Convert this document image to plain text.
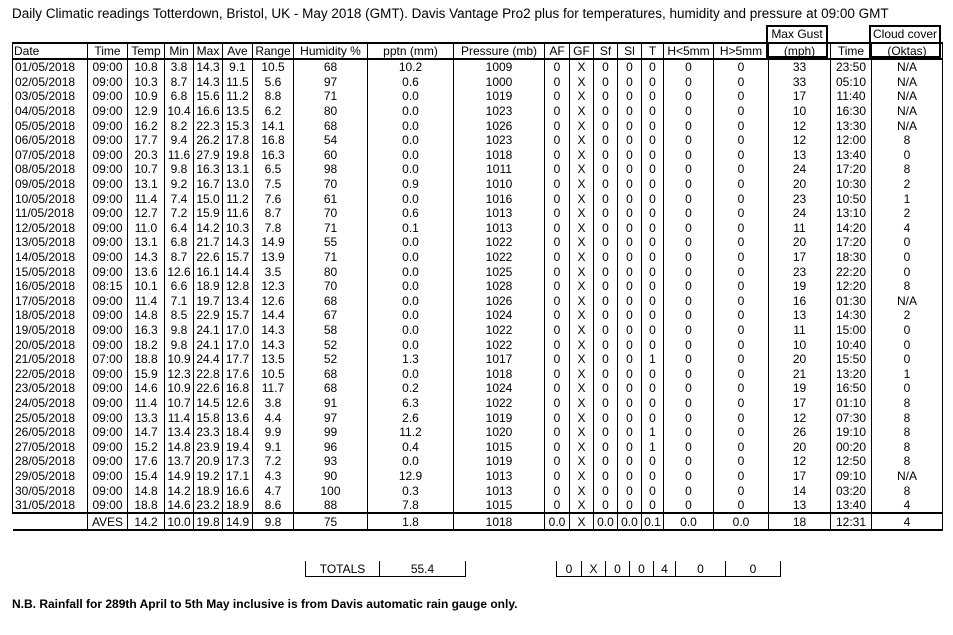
Daily Climatic readings Totterdown, Bristol, UK - May 2018 (GMT). Davis Vantage Pro2 plus for temperatures, humidity and pressure at 09:00 GMT
Max Gust	Cloud cover
Date	Time	Temp	Min	Max	Ave	Range	Humidity %	pptn (mm)	Pressure (mb)	AF	GF	Sf	Sl	T	H<5mm	H>5mm	(mph)	Time	(Oktas)
01/05/2018	09:00	10.8	3.8	14.3	9.1	10.5	68	10.2	1009	0	X	0	0	0	0	0	33	23:50	N/A
02/05/2018	09:00	10.3	8.7	14.3	11.5	5.6	97	0.6	1000	0	X	0	0	0	0	0	33	05:10	N/A
03/05/2018	09:00	10.9	6.8	15.6	11.2	8.8	71	0.0	1019	0	X	0	0	0	0	0	17	11:40	N/A
04/05/2018	09:00	12.9	10.4	16.6	13.5	6.2	80	0.0	1023	0	X	0	0	0	0	0	10	16:30	N/A
05/05/2018	09:00	16.2	8.2	22.3	15.3	14.1	68	0.0	1026	0	X	0	0	0	0	0	12	13:30	N/A
06/05/2018	09:00	17.7	9.4	26.2	17.8	16.8	54	0.0	1023	0	X	0	0	0	0	0	12	12:00	8
07/05/2018	09:00	20.3	11.6	27.9	19.8	16.3	60	0.0	1018	0	X	0	0	0	0	0	13	13:40	0
08/05/2018	09:00	10.7	9.8	16.3	13.1	6.5	98	0.0	1011	0	X	0	0	0	0	0	24	17:20	8
09/05/2018	09:00	13.1	9.2	16.7	13.0	7.5	70	0.9	1010	0	X	0	0	0	0	0	20	10:30	2
10/05/2018	09:00	11.4	7.4	15.0	11.2	7.6	61	0.0	1016	0	X	0	0	0	0	0	23	10:50	1
11/05/2018	09:00	12.7	7.2	15.9	11.6	8.7	70	0.6	1013	0	X	0	0	0	0	0	24	13:10	2
12/05/2018	09:00	11.0	6.4	14.2	10.3	7.8	71	0.1	1013	0	X	0	0	0	0	0	11	14:20	4
13/05/2018	09:00	13.1	6.8	21.7	14.3	14.9	55	0.0	1022	0	X	0	0	0	0	0	20	17:20	0
14/05/2018	09:00	14.3	8.7	22.6	15.7	13.9	71	0.0	1022	0	X	0	0	0	0	0	17	18:30	0
15/05/2018	09:00	13.6	12.6	16.1	14.4	3.5	80	0.0	1025	0	X	0	0	0	0	0	23	22:20	0
16/05/2018	08:15	10.1	6.6	18.9	12.8	12.3	70	0.0	1028	0	X	0	0	0	0	0	19	12:20	8
17/05/2018	09:00	11.4	7.1	19.7	13.4	12.6	68	0.0	1026	0	X	0	0	0	0	0	16	01:30	N/A
18/05/2018	09:00	14.8	8.5	22.9	15.7	14.4	67	0.0	1024	0	X	0	0	0	0	0	13	14:30	2
19/05/2018	09:00	16.3	9.8	24.1	17.0	14.3	58	0.0	1022	0	X	0	0	0	0	0	11	15:00	0
20/05/2018	09:00	18.2	9.8	24.1	17.0	14.3	52	0.0	1022	0	X	0	0	0	0	0	10	10:40	0
21/05/2018	07:00	18.8	10.9	24.4	17.7	13.5	52	1.3	1017	0	X	0	0	1	0	0	20	15:50	0
22/05/2018	09:00	15.9	12.3	22.8	17.6	10.5	68	0.0	1018	0	X	0	0	0	0	0	21	13:20	1
23/05/2018	09:00	14.6	10.9	22.6	16.8	11.7	68	0.2	1024	0	X	0	0	0	0	0	19	16:50	0
24/05/2018	09:00	11.4	10.7	14.5	12.6	3.8	91	6.3	1022	0	X	0	0	0	0	0	17	01:10	8
25/05/2018	09:00	13.3	11.4	15.8	13.6	4.4	97	2.6	1019	0	X	0	0	0	0	0	12	07:30	8
26/05/2018	09:00	14.7	13.4	23.3	18.4	9.9	99	11.2	1020	0	X	0	0	1	0	0	26	19:10	8
27/05/2018	09:00	15.2	14.8	23.9	19.4	9.1	96	0.4	1015	0	X	0	0	1	0	0	20	00:20	8
28/05/2018	09:00	17.6	13.7	20.9	17.3	7.2	93	0.0	1019	0	X	0	0	0	0	0	12	12:50	8
29/05/2018	09:00	15.4	14.9	19.2	17.1	4.3	90	12.9	1013	0	X	0	0	0	0	0	17	09:10	N/A
30/05/2018	09:00	14.8	14.2	18.9	16.6	4.7	100	0.3	1013	0	X	0	0	0	0	0	14	03:20	8
31/05/2018	09:00	18.8	14.6	23.2	18.9	8.6	88	7.8	1015	0	X	0	0	0	0	0	13	13:40	4
	AVES	14.2	10.0	19.8	14.9	9.8	75	1.8	1018	0.0	X	0.0	0.0	0.1	0.0	0.0	18	12:31	4
TOTALS	55.4		0	X	0	0	4	0	0
N.B. Rainfall for 289th April to 5th May inclusive is from Davis automatic rain gauge only.
